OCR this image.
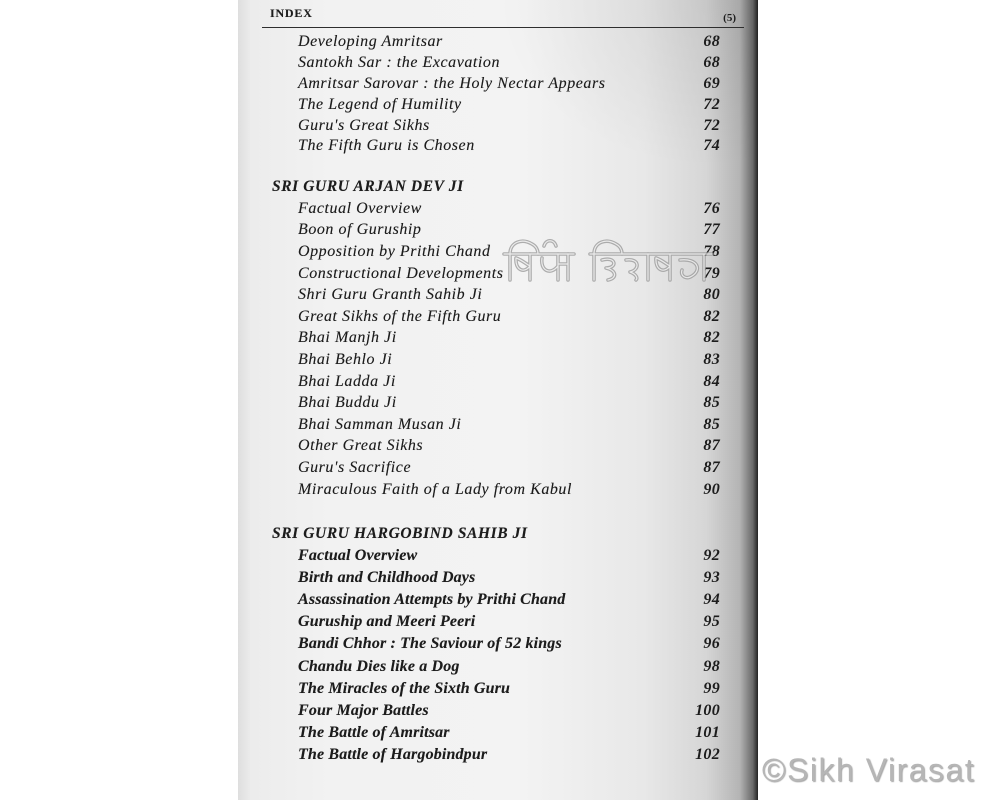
INDEX	(5)
Developing Amritsar	68
Santokh Sar : the Excavation	68
Amritsar Sarovar : the Holy Nectar Appears	69
The Legend of Humility	72
Guru's Great Sikhs	72
The Fifth Guru is Chosen	74
SRI GURU ARJAN DEV JI
Factual Overview	76
Boon of Guruship	77
Opposition by Prithi Chand	78
Constructional Developments	79
Shri Guru Granth Sahib Ji	80
Great Sikhs of the Fifth Guru	82
Bhai Manjh Ji	82
Bhai Behlo Ji	83
Bhai Ladda Ji	84
Bhai Buddu Ji	85
Bhai Samman Musan Ji	85
Other Great Sikhs	87
Guru's Sacrifice	87
Miraculous Faith of a Lady from Kabul	90
SRI GURU HARGOBIND SAHIB JI
Factual Overview	92
Birth and Childhood Days	93
Assassination Attempts by Prithi Chand	94
Guruship and Meeri Peeri	95
Bandi Chhor : The Saviour of 52 kings	96
Chandu Dies like a Dog	98
The Miracles of the Sixth Guru	99
Four Major Battles	100
The Battle of Amritsar	101
The Battle of Hargobindpur	102 ©Sikh Virasat
